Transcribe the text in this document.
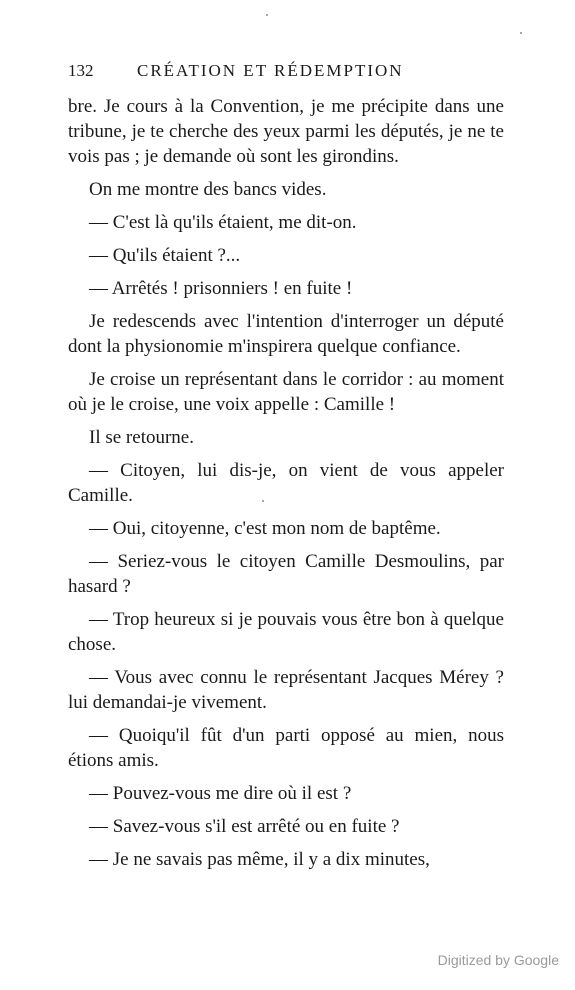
132	CRÉATION ET RÉDEMPTION

bre. Je cours à la Convention, je me précipite dans une tribune, je te cherche des yeux parmi les députés, je ne te vois pas ; je demande où sont les girondins.

On me montre des bancs vides.

— C'est là qu'ils étaient, me dit-on.

— Qu'ils étaient ?...

— Arrêtés ! prisonniers ! en fuite !

Je redescends avec l'intention d'interroger un député dont la physionomie m'inspirera quelque confiance.

Je croise un représentant dans le corridor : au moment où je le croise, une voix appelle : Camille !

Il se retourne.

— Citoyen, lui dis-je, on vient de vous appeler Camille.

— Oui, citoyenne, c'est mon nom de baptême.

— Seriez-vous le citoyen Camille Desmoulins, par hasard ?

— Trop heureux si je pouvais vous être bon à quelque chose.

— Vous avec connu le représentant Jacques Mérey ? lui demandai-je vivement.

— Quoiqu'il fût d'un parti opposé au mien, nous étions amis.

— Pouvez-vous me dire où il est ?

— Savez-vous s'il est arrêté ou en fuite ?

— Je ne savais pas même, il y a dix minutes,

Digitized by Google
